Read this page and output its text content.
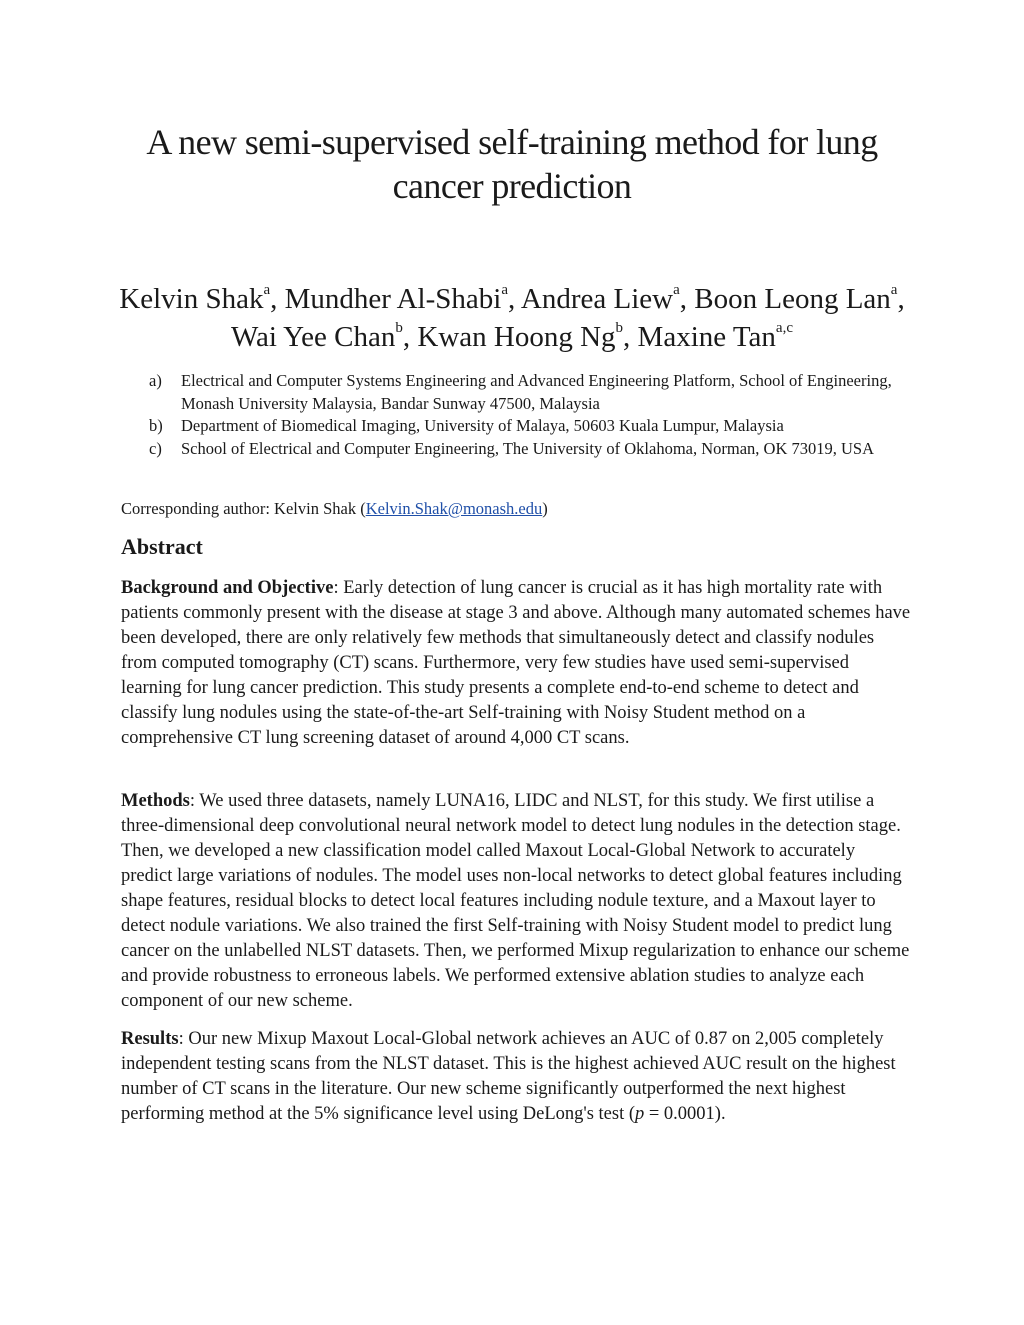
A new semi-supervised self-training method for lung cancer prediction

Kelvin Shak$^a$, Mundher Al-Shabi$^a$, Andrea Liew$^a$, Boon Leong Lan$^a$, Wai Yee Chan$^b$, Kwan Hoong Ng$^b$, Maxine Tan$^{a,c}$

a) Electrical and Computer Systems Engineering and Advanced Engineering Platform, School of Engineering, Monash University Malaysia, Bandar Sunway 47500, Malaysia
b) Department of Biomedical Imaging, University of Malaya, 50603 Kuala Lumpur, Malaysia
c) School of Electrical and Computer Engineering, The University of Oklahoma, Norman, OK 73019, USA

Corresponding author: Kelvin Shak (Kelvin.Shak@monash.edu)

Abstract

Background and Objective: Early detection of lung cancer is crucial as it has high mortality rate with patients commonly present with the disease at stage 3 and above. Although many automated schemes have been developed, there are only relatively few methods that simultaneously detect and classify nodules from computed tomography (CT) scans. Furthermore, very few studies have used semi-supervised learning for lung cancer prediction. This study presents a complete end-to-end scheme to detect and classify lung nodules using the state-of-the-art Self-training with Noisy Student method on a comprehensive CT lung screening dataset of around 4,000 CT scans.

Methods: We used three datasets, namely LUNA16, LIDC and NLST, for this study. We first utilise a three-dimensional deep convolutional neural network model to detect lung nodules in the detection stage. Then, we developed a new classification model called Maxout Local-Global Network to accurately predict large variations of nodules. The model uses non-local networks to detect global features including shape features, residual blocks to detect local features including nodule texture, and a Maxout layer to detect nodule variations. We also trained the first Self-training with Noisy Student model to predict lung cancer on the unlabelled NLST datasets. Then, we performed Mixup regularization to enhance our scheme and provide robustness to erroneous labels. We performed extensive ablation studies to analyze each component of our new scheme.

Results: Our new Mixup Maxout Local-Global network achieves an AUC of 0.87 on 2,005 completely independent testing scans from the NLST dataset. This is the highest achieved AUC result on the highest number of CT scans in the literature. Our new scheme significantly outperformed the next highest performing method at the 5% significance level using DeLong's test (p = 0.0001).
